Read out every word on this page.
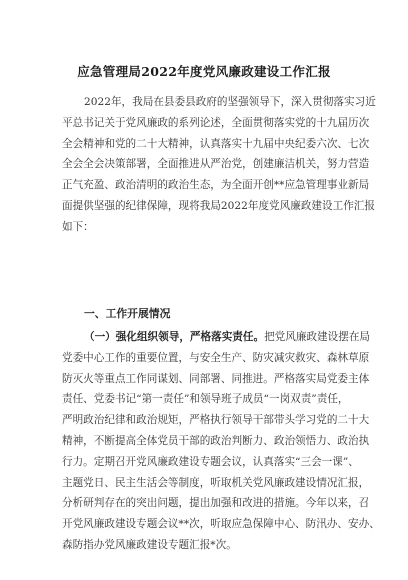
应急管理局2022年度党风廉政建设工作汇报
2022年，我局在县委县政府的坚强领导下，深入贯彻落实习近
平总书记关于党风廉政的系列论述，全面贯彻落实党的十九届历次
全会精神和党的二十大精神，认真落实十九届中央纪委六次、七次
全会全会决策部署，全面推进从严治党，创建廉洁机关，努力营造
正气充盈、政治清明的政治生态，为全面开创**应急管理事业新局
面提供坚强的纪律保障，现将我局2022年度党风廉政建设工作汇报
如下：
一、工作开展情况
（一）强化组织领导，严格落实责任。把党风廉政建设摆在局
党委中心工作的重要位置，与安全生产、防灾减灾救灾、森林草原
防灭火等重点工作同谋划、同部署、同推进。严格落实局党委主体
责任、党委书记“第一责任”和领导班子成员“一岗双责”责任，
严明政治纪律和政治规矩，严格执行领导干部带头学习党的二十大
精神，不断提高全体党员干部的政治判断力、政治领悟力、政治执
行力。定期召开党风廉政建设专题会议，认真落实“三会一课”、
主题党日、民主生活会等制度，听取机关党风廉政建设情况汇报，
分析研判存在的突出问题，提出加强和改进的措施。今年以来，召
开党风廉政建设专题会议**次，听取应急保障中心、防汛办、安办、
森防指办党风廉政建设专题汇报*次。
